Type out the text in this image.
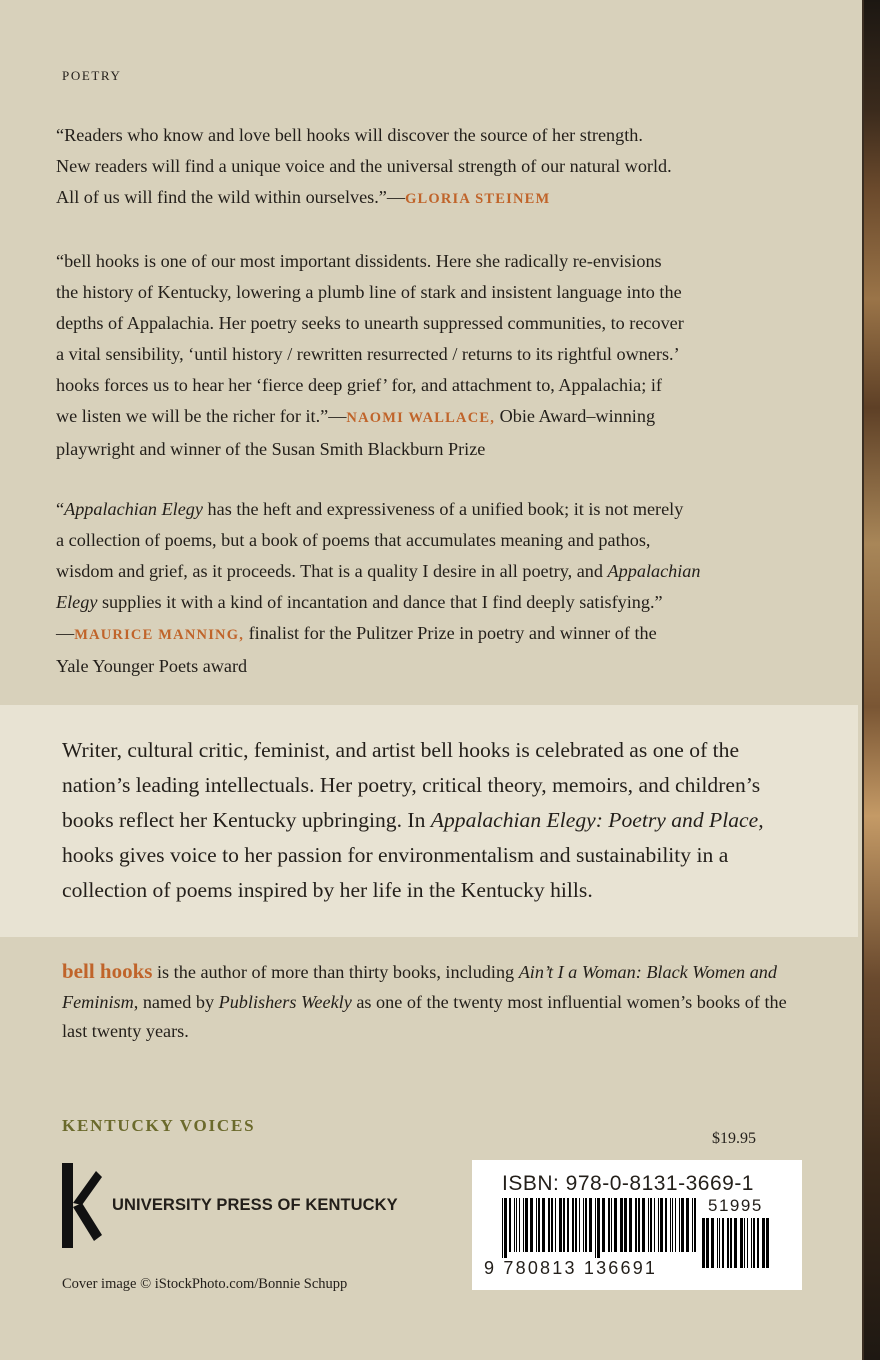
POETRY

“Readers who know and love bell hooks will discover the source of her strength.

New readers will find a unique voice and the universal strength of our natural world.

All of us will find the wild within ourselves.”—GLORIA STEINEM

“bell hooks is one of our most important dissidents. Here she radically re-envisions

the history of Kentucky, lowering a plumb line of stark and insistent language into the

depths of Appalachia. Her poetry seeks to unearth suppressed communities, to recover

a vital sensibility, ‘until history / rewritten resurrected / returns to its rightful owners.’

hooks forces us to hear her ‘fierce deep grief’ for, and attachment to, Appalachia; if

we listen we will be the richer for it.”—NAOMI WALLACE, Obie Award–winning

playwright and winner of the Susan Smith Blackburn Prize

“Appalachian Elegy has the heft and expressiveness of a unified book; it is not merely

a collection of poems, but a book of poems that accumulates meaning and pathos,

wisdom and grief, as it proceeds. That is a quality I desire in all poetry, and Appalachian

Elegy supplies it with a kind of incantation and dance that I find deeply satisfying.”

—MAURICE MANNING, finalist for the Pulitzer Prize in poetry and winner of the

Yale Younger Poets award

Writer, cultural critic, feminist, and artist bell hooks is celebrated as one of the nation’s leading intellectuals. Her poetry, critical theory, memoirs, and children’s books reflect her Kentucky upbringing. In Appalachian Elegy: Poetry and Place, hooks gives voice to her passion for environmentalism and sustainability in a collection of poems inspired by her life in the Kentucky hills.
bell hooks is the author of more than thirty books, including Ain’t I a Woman: Black Women and Feminism, named by Publishers Weekly as one of the twenty most influential women’s books of the last twenty years.
KENTUCKY VOICES
$19.95
UNIVERSITY PRESS OF KENTUCKY
Cover image © iStockPhoto.com/Bonnie Schupp
ISBN: 978-0-8131-3669-1
51995
9 780813 136691
